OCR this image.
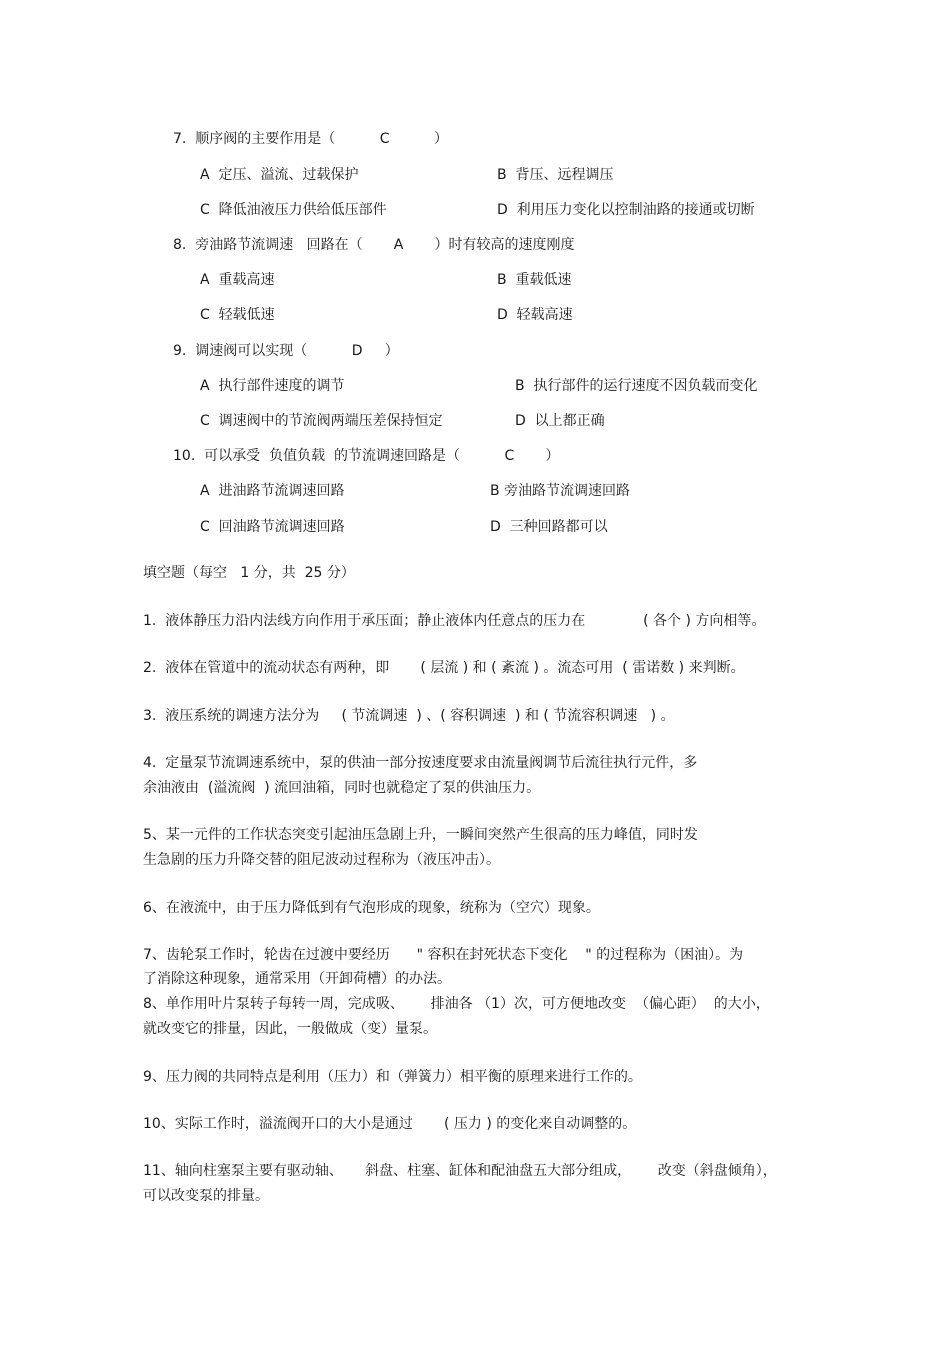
7.  顺序阀的主要作用是（          C          ）
A  定压、溢流、过载保护	B  背压、远程调压
C  降低油液压力供给低压部件	D  利用压力变化以控制油路的接通或切断
8.  旁油路节流调速   回路在（       A       ）时有较高的速度刚度
A  重载高速	B  重载低速
C  轻载低速	D  轻载高速
9.  调速阀可以实现（          D     ）
A  执行部件速度的调节	B  执行部件的运行速度不因负载而变化
C  调速阀中的节流阀两端压差保持恒定	D  以上都正确
10.  可以承受  负值负载  的节流调速回路是（          C       ）
A  进油路节流调速回路	B 旁油路节流调速回路
C  回油路节流调速回路	D  三种回路都可以
填空题（每空   1 分，共  25 分）
1.  液体静压力沿内法线方向作用于承压面；静止液体内任意点的压力在             ( 各个 ) 方向相等。
2.  液体在管道中的流动状态有两种，即       ( 层流 ) 和 ( 紊流 ) 。流态可用  ( 雷诺数 ) 来判断。
3.  液压系统的调速方法分为     ( 节流调速  ) 、( 容积调速  ) 和 ( 节流容积调速   ) 。
4.  定量泵节流调速系统中，泵的供油一部分按速度要求由流量阀调节后流往执行元件，多
余油液由  (溢流阀  ) 流回油箱，同时也就稳定了泵的供油压力。
5、某一元件的工作状态突变引起油压急剧上升，一瞬间突然产生很高的压力峰值，同时发
生急剧的压力升降交替的阻尼波动过程称为（液压冲击）。
6、在液流中，由于压力降低到有气泡形成的现象，统称为（空穴）现象。
7、齿轮泵工作时，轮齿在过渡中要经历      " 容积在封死状态下变化    " 的过程称为（困油）。为
了消除这种现象，通常采用（开卸荷槽）的办法。
8、单作用叶片泵转子每转一周，完成吸、      排油各 （1）次，可方便地改变  （偏心距）  的大小，
就改变它的排量，因此，一般做成（变）量泵。
9、压力阀的共同特点是利用（压力）和（弹簧力）相平衡的原理来进行工作的。
10、实际工作时，溢流阀开口的大小是通过       ( 压力 ) 的变化来自动调整的。
11、轴向柱塞泵主要有驱动轴、     斜盘、柱塞、缸体和配油盘五大部分组成，      改变（斜盘倾角），
可以改变泵的排量。
